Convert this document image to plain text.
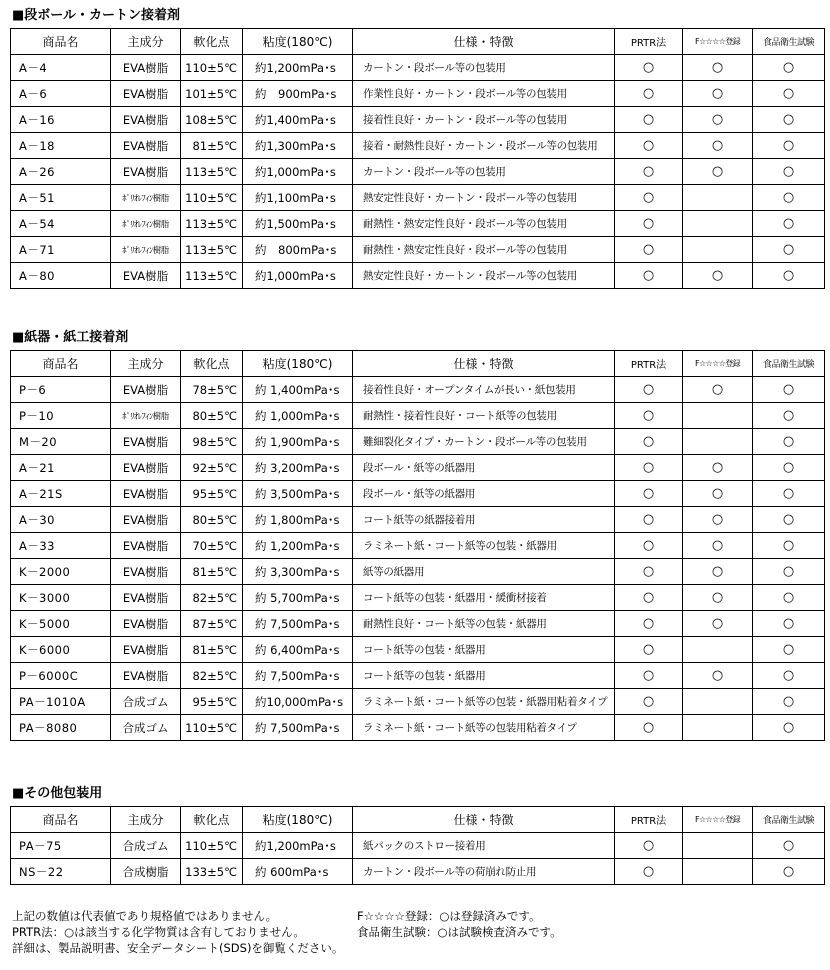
■段ボール・カートン接着剤
商品名	主成分	軟化点	粘度(180℃)	仕様・特徴	PRTR法	F☆☆☆☆登録	食品衛生試験
A－4	EVA樹脂	110±5℃	約1,200mPa･s	カートン・段ボール等の包装用	○	○	○
A－6	EVA樹脂	101±5℃	約　900mPa･s	作業性良好・カートン・段ボール等の包装用	○	○	○
A－16	EVA樹脂	108±5℃	約1,400mPa･s	接着性良好・カートン・段ボール等の包装用	○	○	○
A－18	EVA樹脂	81±5℃	約1,300mPa･s	接着・耐熱性良好・カートン・段ボール等の包装用	○	○	○
A－26	EVA樹脂	113±5℃	約1,000mPa･s	カートン・段ボール等の包装用	○	○	○
A－51	ﾎﾟﾘｵﾚﾌｨﾝ樹脂	110±5℃	約1,100mPa･s	熱安定性良好・カートン・段ボール等の包装用	○		○
A－54	ﾎﾟﾘｵﾚﾌｨﾝ樹脂	113±5℃	約1,500mPa･s	耐熱性・熱安定性良好・段ボール等の包装用	○		○
A－71	ﾎﾟﾘｵﾚﾌｨﾝ樹脂	113±5℃	約　800mPa･s	耐熱性・熱安定性良好・段ボール等の包装用	○		○
A－80	EVA樹脂	113±5℃	約1,000mPa･s	熱安定性良好・カートン・段ボール等の包装用	○	○	○
■紙器・紙工接着剤
商品名	主成分	軟化点	粘度(180℃)	仕様・特徴	PRTR法	F☆☆☆☆登録	食品衛生試験
P－6	EVA樹脂	78±5℃	約 1,400mPa･s	接着性良好・オープンタイムが長い・紙包装用	○	○	○
P－10	ﾎﾟﾘｵﾚﾌｨﾝ樹脂	80±5℃	約 1,000mPa･s	耐熱性・接着性良好・コート紙等の包装用	○		○
M－20	EVA樹脂	98±5℃	約 1,900mPa･s	難細裂化タイプ・カートン・段ボール等の包装用	○		○
A－21	EVA樹脂	92±5℃	約 3,200mPa･s	段ボール・紙等の紙器用	○	○	○
A－21S	EVA樹脂	95±5℃	約 3,500mPa･s	段ボール・紙等の紙器用	○	○	○
A－30	EVA樹脂	80±5℃	約 1,800mPa･s	コート紙等の紙器接着用	○	○	○
A－33	EVA樹脂	70±5℃	約 1,200mPa･s	ラミネート紙・コート紙等の包装・紙器用	○	○	○
K－2000	EVA樹脂	81±5℃	約 3,300mPa･s	紙等の紙器用	○	○	○
K－3000	EVA樹脂	82±5℃	約 5,700mPa･s	コート紙等の包装・紙器用・緩衝材接着	○	○	○
K－5000	EVA樹脂	87±5℃	約 7,500mPa･s	耐熱性良好・コート紙等の包装・紙器用	○	○	○
K－6000	EVA樹脂	81±5℃	約 6,400mPa･s	コート紙等の包装・紙器用	○		○
P－6000C	EVA樹脂	82±5℃	約 7,500mPa･s	コート紙等の包装・紙器用	○	○	○
PA－1010A	合成ゴム	95±5℃	約10,000mPa･s	ラミネート紙・コート紙等の包装・紙器用粘着タイプ	○		○
PA－8080	合成ゴム	110±5℃	約 7,500mPa･s	ラミネート紙・コート紙等の包装用粘着タイプ	○		○
■その他包装用
商品名	主成分	軟化点	粘度(180℃)	仕様・特徴	PRTR法	F☆☆☆☆登録	食品衛生試験
PA－75	合成ゴム	110±5℃	約1,200mPa･s	紙パックのストロー接着用	○		○
NS－22	合成樹脂	133±5℃	約 600mPa･s	カートン・段ボール等の荷崩れ防止用	○		○
上記の数値は代表値であり規格値ではありません。
PRTR法：○は該当する化学物質は含有しておりません。
詳細は、製品説明書、安全データシート(SDS)を御覧ください。
F☆☆☆☆登録：○は登録済みです。
食品衛生試験：○は試験検査済みです。
